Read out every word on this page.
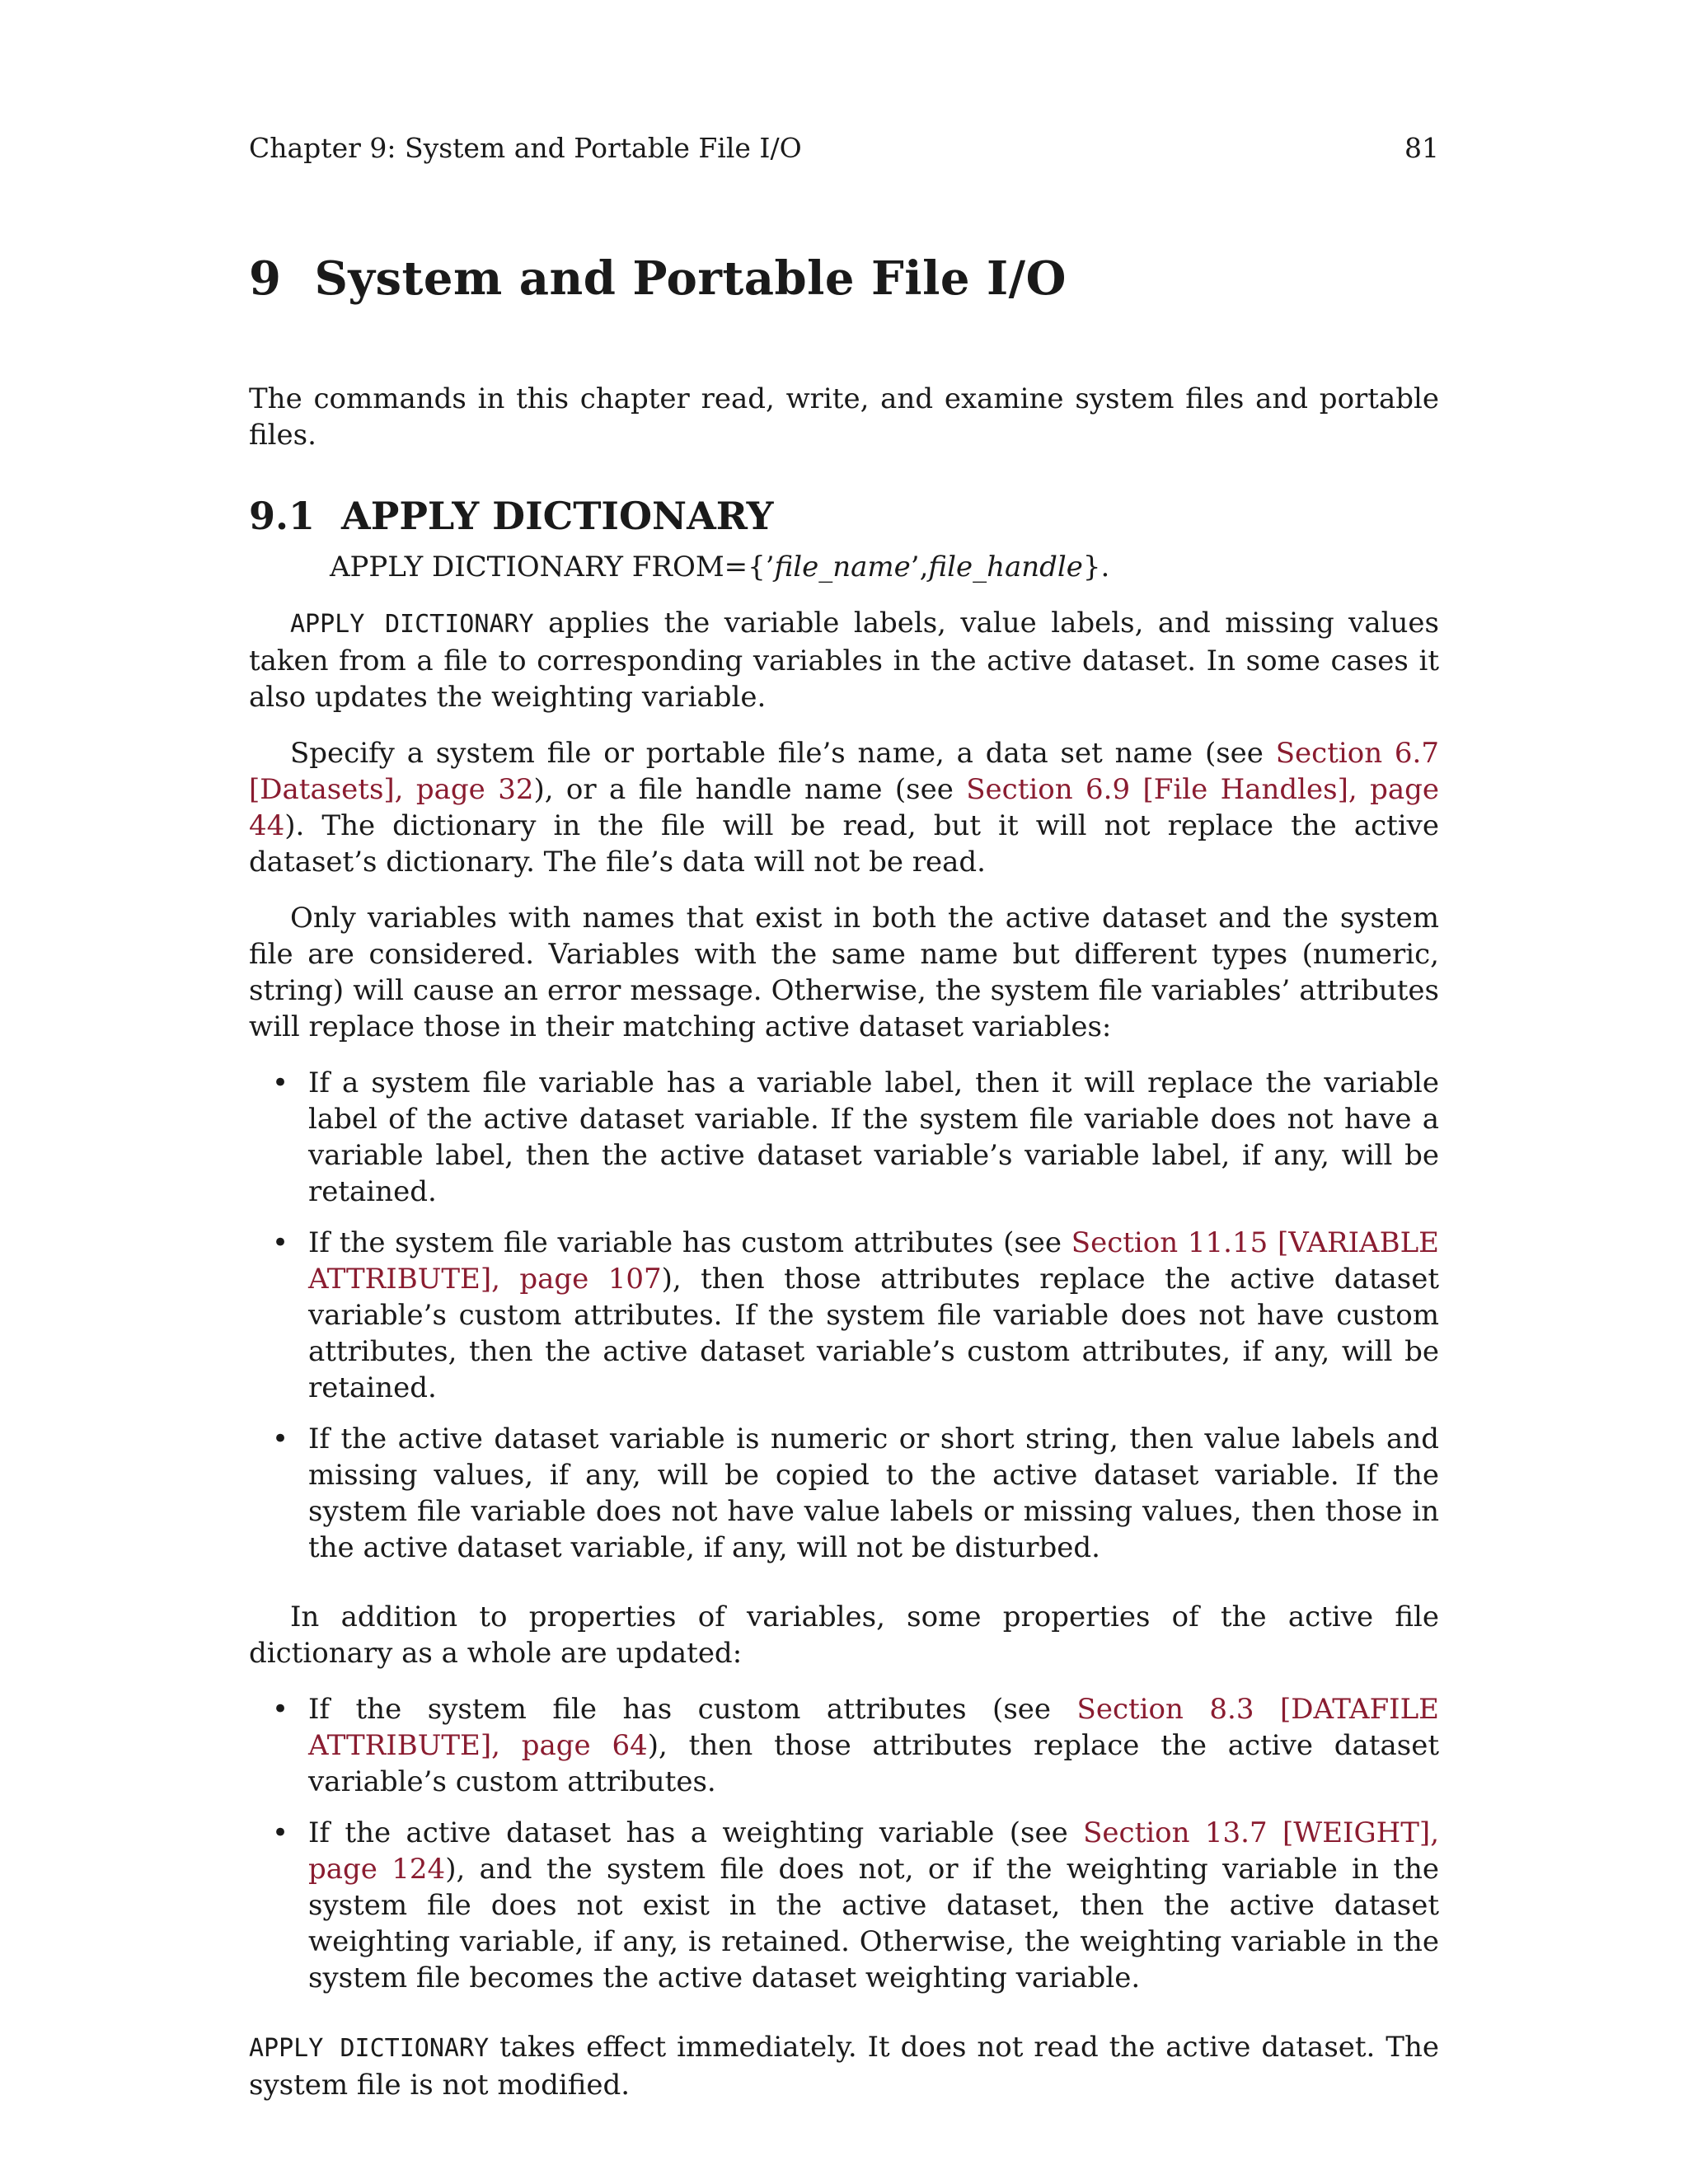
Chapter 9: System and Portable File I/O	81
9  System and Portable File I/O

The commands in this chapter read, write, and examine system files and portable files.

9.1  APPLY DICTIONARY

APPLY DICTIONARY FROM={’file_name’,file_handle}.

APPLY DICTIONARY applies the variable labels, value labels, and missing values taken from a file to corresponding variables in the active dataset. In some cases it also updates the weighting variable.

Specify a system file or portable file’s name, a data set name (see Section 6.7 [Datasets], page 32), or a file handle name (see Section 6.9 [File Handles], page 44). The dictionary in the file will be read, but it will not replace the active dataset’s dictionary. The file’s data will not be read.

Only variables with names that exist in both the active dataset and the system file are considered. Variables with the same name but different types (numeric, string) will cause an error message. Otherwise, the system file variables’ attributes will replace those in their matching active dataset variables:

• If a system file variable has a variable label, then it will replace the variable label of the active dataset variable. If the system file variable does not have a variable label, then the active dataset variable’s variable label, if any, will be retained.
• If the system file variable has custom attributes (see Section 11.15 [VARIABLE ATTRIBUTE], page 107), then those attributes replace the active dataset variable’s custom attributes. If the system file variable does not have custom attributes, then the active dataset variable’s custom attributes, if any, will be retained.
• If the active dataset variable is numeric or short string, then value labels and missing values, if any, will be copied to the active dataset variable. If the system file variable does not have value labels or missing values, then those in the active dataset variable, if any, will not be disturbed.

In addition to properties of variables, some properties of the active file dictionary as a whole are updated:

• If the system file has custom attributes (see Section 8.3 [DATAFILE ATTRIBUTE], page 64), then those attributes replace the active dataset variable’s custom attributes.
• If the active dataset has a weighting variable (see Section 13.7 [WEIGHT], page 124), and the system file does not, or if the weighting variable in the system file does not exist in the active dataset, then the active dataset weighting variable, if any, is retained. Otherwise, the weighting variable in the system file becomes the active dataset weighting variable.

APPLY DICTIONARY takes effect immediately. It does not read the active dataset. The system file is not modified.
